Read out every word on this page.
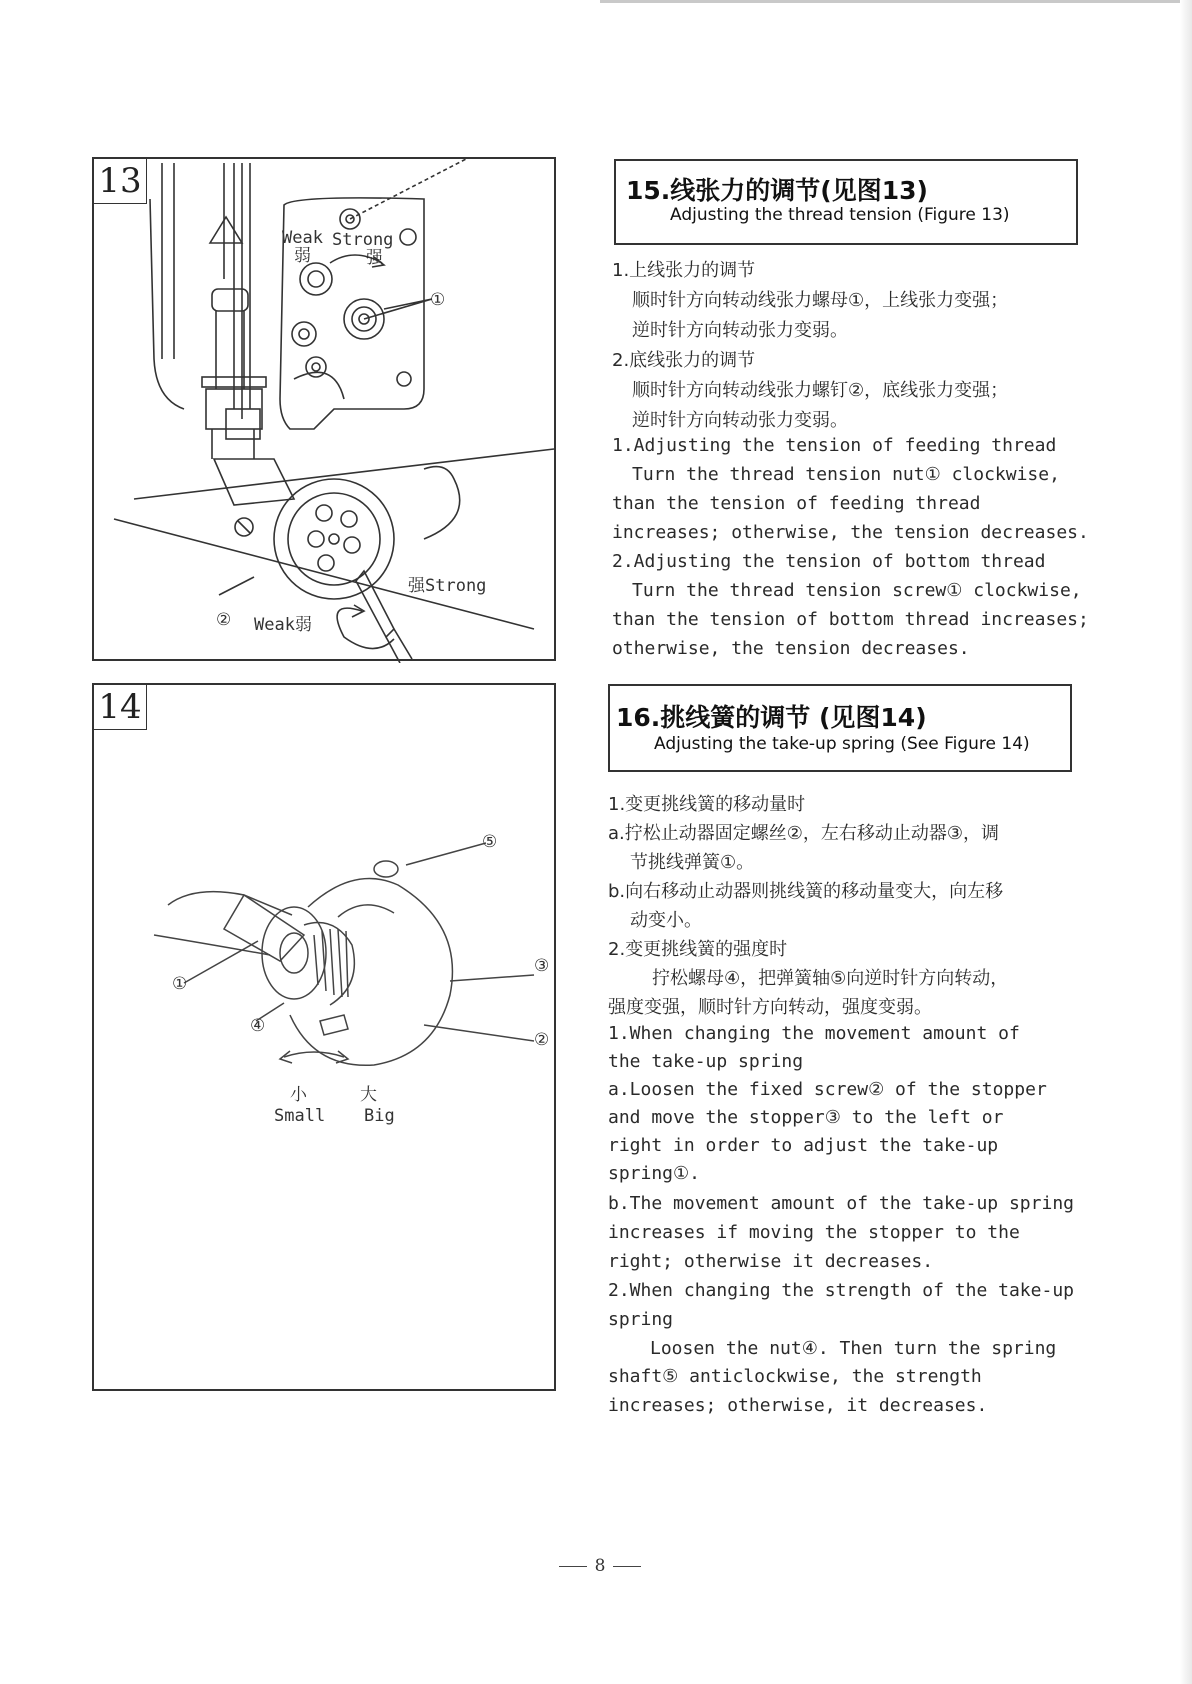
Weak Strong
弱	强
①
强Strong
② Weak弱
13
⑤
③
②
①
④
小	大
Small Big
14
15.线张力的调节(见图13)
Adjusting the thread tension (Figure 13)
1.上线张力的调节
顺时针方向转动线张力螺母①，上线张力变强；
逆时针方向转动张力变弱。
2.底线张力的调节
顺时针方向转动线张力螺钉②，底线张力变强；
逆时针方向转动张力变弱。
1.Adjusting the tension of feeding thread
Turn the thread tension nut① clockwise,
than the tension of feeding thread
increases; otherwise, the tension decreases.
2.Adjusting the tension of bottom thread
Turn the thread tension screw① clockwise,
than the tension of bottom thread increases;
otherwise, the tension decreases.
16.挑线簧的调节 (见图14)
Adjusting the take-up spring (See Figure 14)
1.变更挑线簧的移动量时
a.拧松止动器固定螺丝②，左右移动止动器③，调
节挑线弹簧①。
b.向右移动止动器则挑线簧的移动量变大，向左移
动变小。
2.变更挑线簧的强度时
拧松螺母④，把弹簧轴⑤向逆时针方向转动，
强度变强，顺时针方向转动，强度变弱。
1.When changing the movement amount of
the take-up spring
a.Loosen the fixed screw② of the stopper
and move the stopper③ to the left or
right in order to adjust the take-up
spring①.
b.The movement amount of the take-up spring
increases if moving the stopper to the
right; otherwise it decreases.
2.When changing the strength of the take-up
spring
Loosen the nut④. Then turn the spring
shaft⑤ anticlockwise, the strength
increases; otherwise, it decreases.
8
